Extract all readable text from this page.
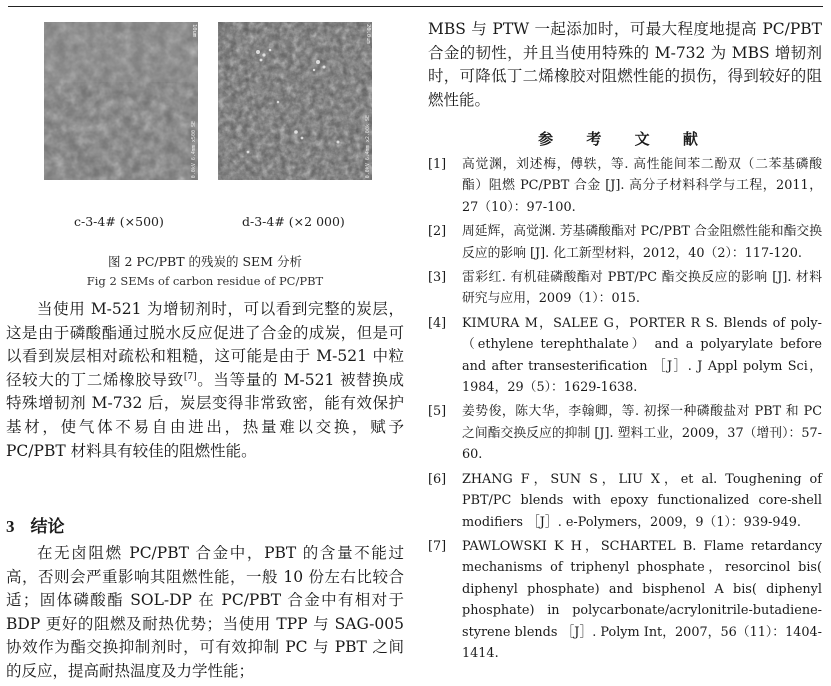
10um
0.0kV 6.4mm x500 SE
20.0um
0.0kV 6.4mm x2.00k SE
c-3-4# (×500)	d-3-4# (×2 000)
图 2 PC/PBT 的残炭的 SEM 分析
Fig 2 SEMs of carbon residue of PC/PBT

当使用 M-521 为增韧剂时，可以看到完整的炭层，这是由于磷酸酯通过脱水反应促进了合金的成炭，但是可以看到炭层相对疏松和粗糙，这可能是由于 M-521 中粒径较大的丁二烯橡胶导致[7]。当等量的 M-521 被替换成特殊增韧剂 M-732 后，炭层变得非常致密，能有效保护基材，使气体不易自由进出，热量难以交换，赋予 PC/PBT 材料具有较佳的阻燃性能。

3 结论

在无卤阻燃 PC/PBT 合金中，PBT 的含量不能过高，否则会严重影响其阻燃性能，一般 10 份左右比较合适；固体磷酸酯 SOL-DP 在 PC/PBT 合金中有相对于 BDP 更好的阻燃及耐热优势；当使用 TPP 与 SAG-005 协效作为酯交换抑制剂时，可有效抑制 PC 与 PBT 之间的反应，提高耐热温度及力学性能；

MBS 与 PTW 一起添加时，可最大程度地提高 PC/PBT 合金的韧性，并且当使用特殊的 M-732 为 MBS 增韧剂时，可降低丁二烯橡胶对阻燃性能的损伤，得到较好的阻燃性能。
参 考 文 献
[1] 高觉渊，刘述梅，傅轶，等. 高性能间苯二酚双（二苯基磷酸酯）阻燃 PC/PBT 合金 [J]. 高分子材料科学与工程，2011，27（10）：97-100.
[2] 周延辉，高觉渊. 芳基磷酸酯对 PC/PBT 合金阻燃性能和酯交换反应的影响 [J]. 化工新型材料，2012，40（2）：117-120.
[3] 雷彩红. 有机硅磷酸酯对 PBT/PC 酯交换反应的影响 [J]. 材料研究与应用，2009（1）：015.
[4] KIMURA M，SALEE G，PORTER R S. Blends of poly-（ethylene terephthalate） and a polyarylate before and after transesterification ［J］. J Appl polym Sci，1984，29（5）：1629-1638.
[5] 姜势俊，陈大华，李翰卿，等. 初探一种磷酸盐对 PBT 和 PC 之间酯交换反应的抑制 [J]. 塑料工业，2009，37（增刊）：57-60.
[6] ZHANG F，SUN S，LIU X，et al. Toughening of PBT/PC blends with epoxy functionalized core-shell modifiers ［J］. e-Polymers，2009，9（1）：939-949.
[7] PAWLOWSKI K H，SCHARTEL B. Flame retardancy mechanisms of triphenyl phosphate，resorcinol bis( diphenyl phosphate) and bisphenol A bis( diphenyl phosphate) in polycarbonate/acrylonitrile-butadiene-styrene blends ［J］. Polym Int，2007，56（11）：1404-1414.
